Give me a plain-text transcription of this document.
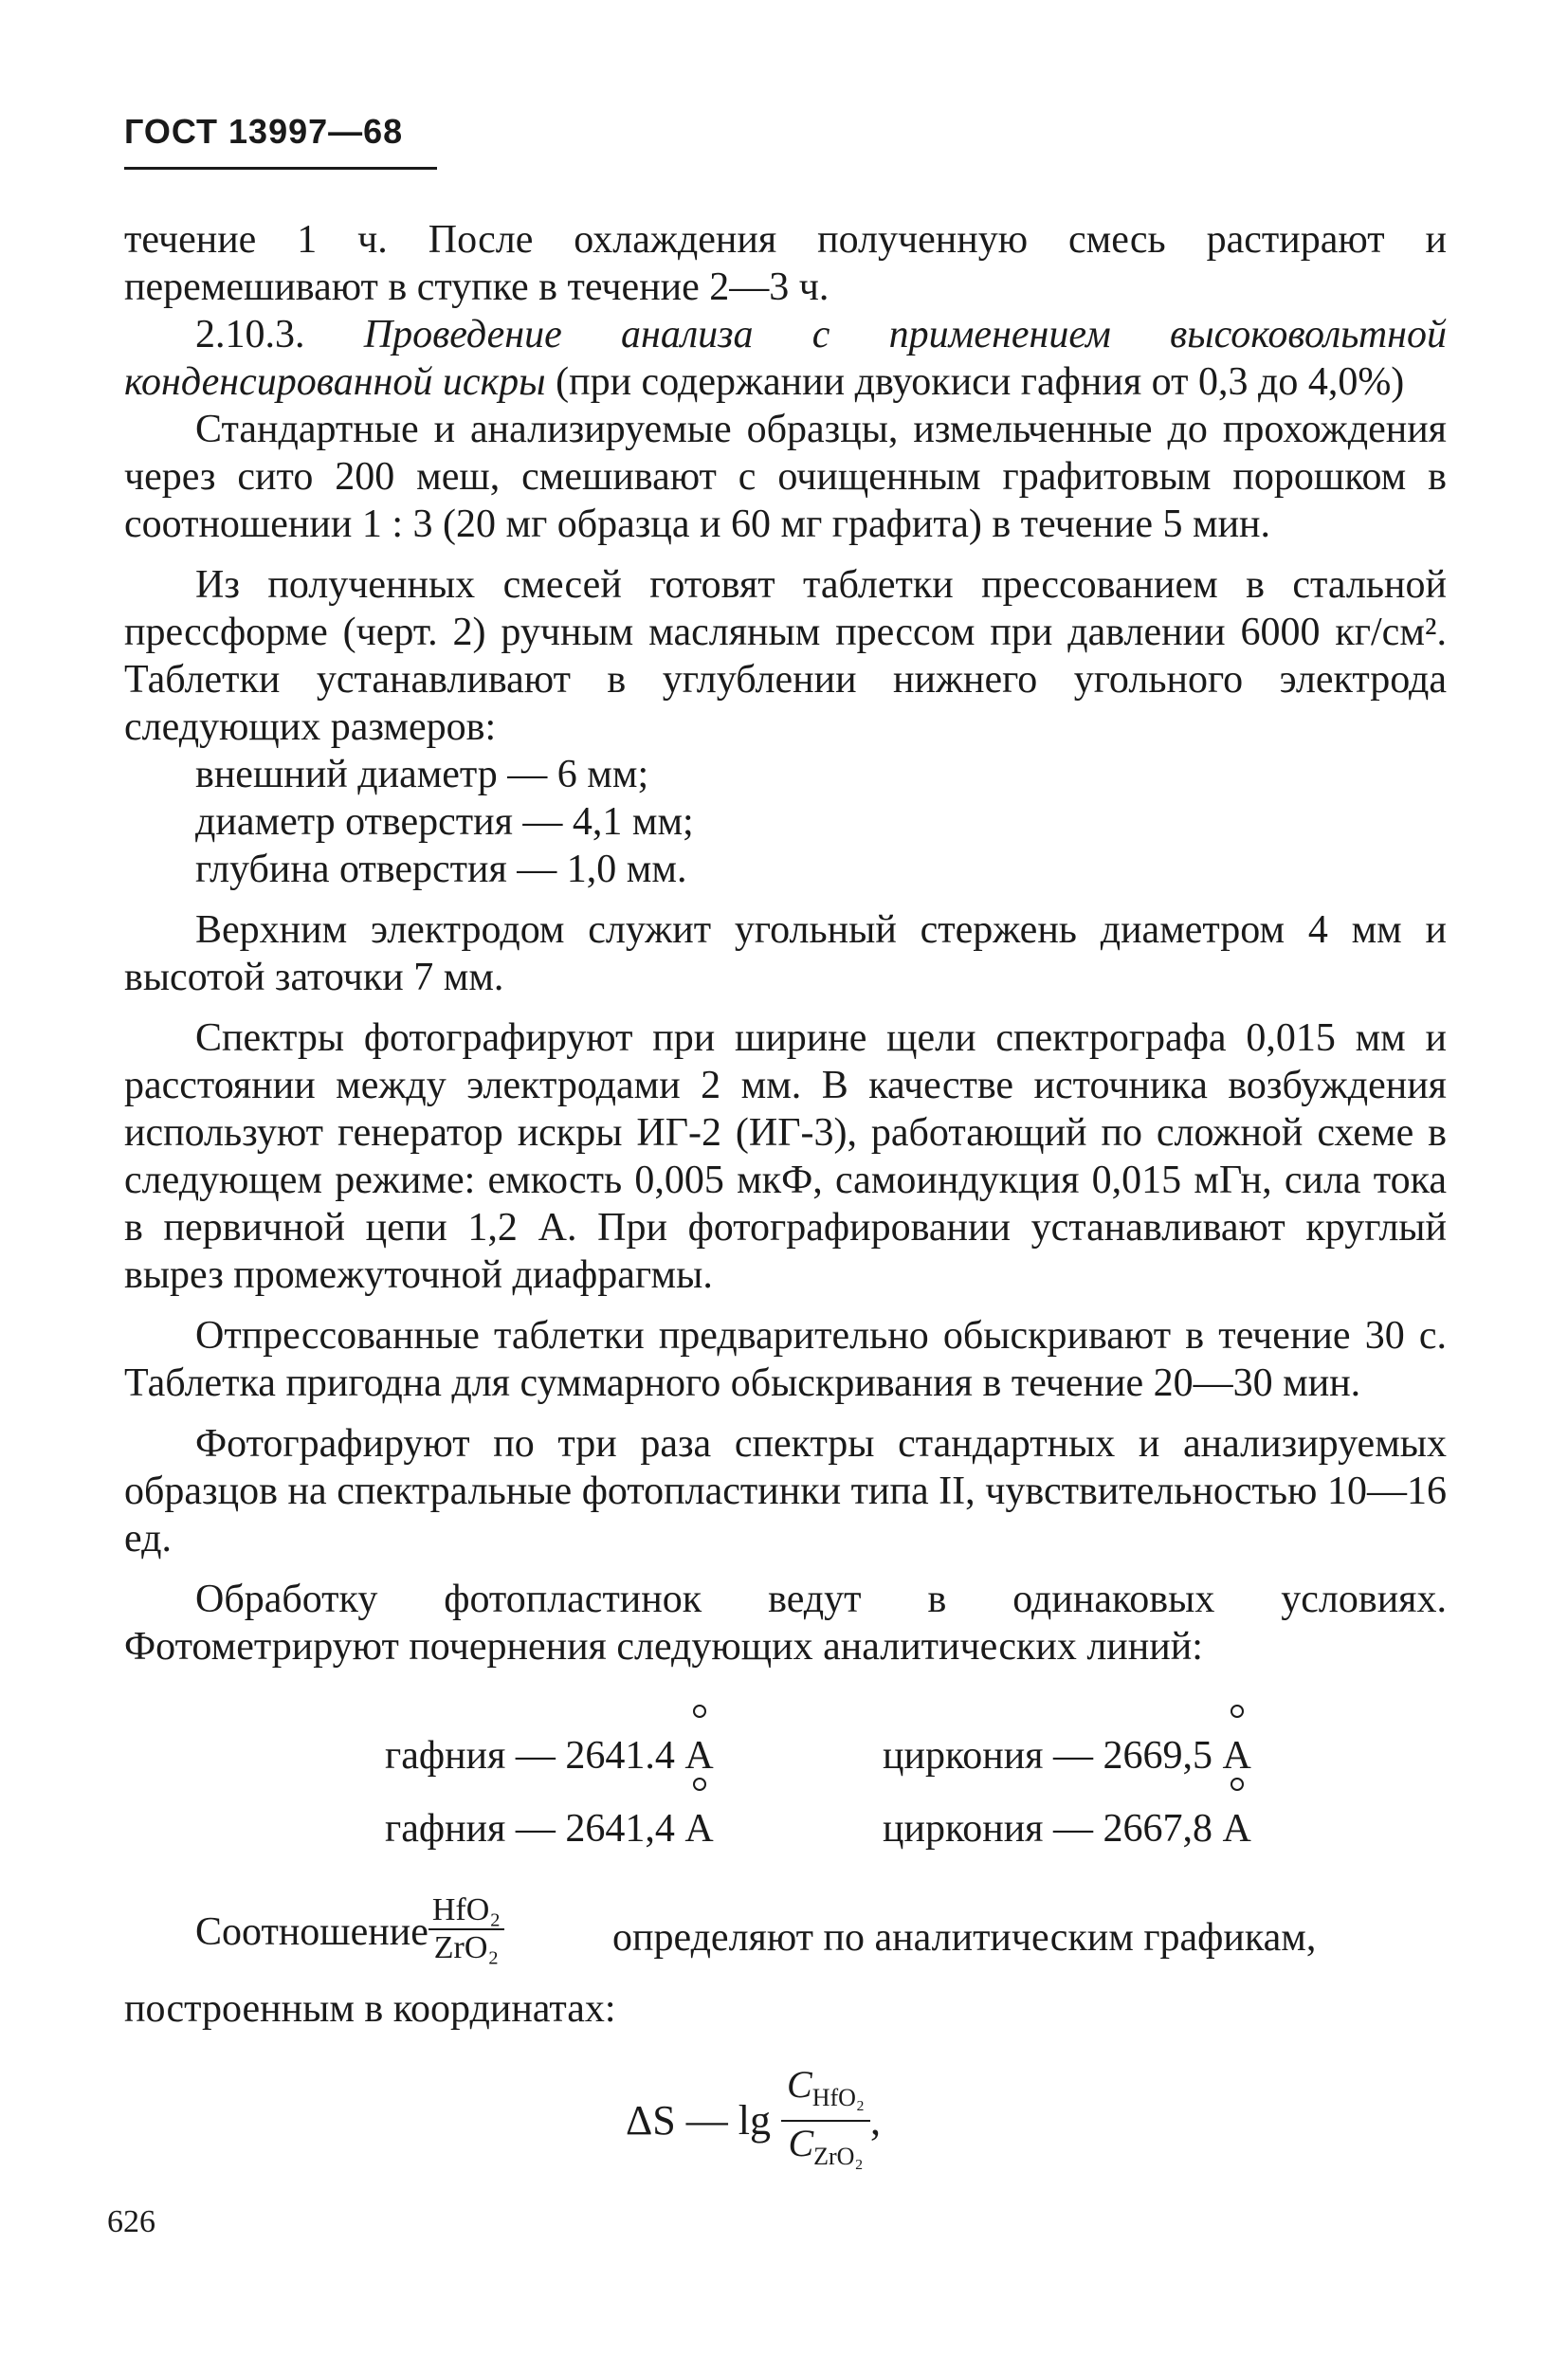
ГОСТ 13997—68

течение 1 ч. После охлаждения полученную смесь растирают и перемешивают в ступке в течение 2—3 ч.

2.10.3. Проведение анализа с применением высоковольтной конденсированной искры (при содержании двуокиси гафния от 0,3 до 4,0%)

Стандартные и анализируемые образцы, измельченные до прохождения через сито 200 меш, смешивают с очищенным графитовым порошком в соотношении 1 : 3 (20 мг образца и 60 мг графита) в течение 5 мин.

Из полученных смесей готовят таблетки прессованием в стальной прессформе (черт. 2) ручным масляным прессом при давлении 6000 кг/см². Таблетки устанавливают в углублении нижнего угольного электрода следующих размеров:

внешний диаметр — 6 мм;

диаметр отверстия — 4,1 мм;

глубина отверстия — 1,0 мм.

Верхним электродом служит угольный стержень диаметром 4 мм и высотой заточки 7 мм.

Спектры фотографируют при ширине щели спектрографа 0,015 мм и расстоянии между электродами 2 мм. В качестве источника возбуждения используют генератор искры ИГ-2 (ИГ-3), работающий по сложной схеме в следующем режиме: емкость 0,005 мкФ, самоиндукция 0,015 мГн, сила тока в первичной цепи 1,2 А. При фотографировании устанавливают круглый вырез промежуточной диафрагмы.

Отпрессованные таблетки предварительно обыскривают в течение 30 с. Таблетка пригодна для суммарного обыскривания в течение 20—30 мин.

Фотографируют по три раза спектры стандартных и анализируемых образцов на спектральные фотопластинки типа II, чувствительностью 10—16 ед.

Обработку фотопластинок ведут в одинаковых условиях. Фотометрируют почернения следующих аналитических линий:

гафния — 2641.4 A	циркония — 2669,5 A
гафния — 2641,4 A	циркония — 2667,8 A
Соотношение $\frac{\text{HfO₂}}{\text{ZrO₂}}$	определяют по аналитическим графикам,
построенным в координатах:
ΔS — $\lg \frac{C_{HfO_2}}{C_{ZrO_2}}$ ,
626
